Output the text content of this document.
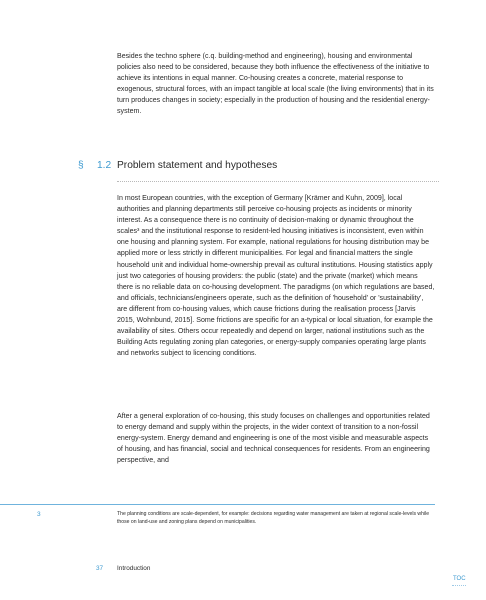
Besides the techno sphere (c.q. building-method and engineering), housing and environmental policies also need to be considered, because they both influence the effectiveness of the initiative to achieve its intentions in equal manner. Co-housing creates a concrete, material response to exogenous, structural forces, with an impact tangible at local scale (the living environments) that in its turn produces changes in society; especially in the production of housing and the residential energy-system.

§ 1.2 Problem statement and hypotheses

In most European countries, with the exception of Germany [Krämer and Kuhn, 2009], local authorities and planning departments still perceive co-housing projects as incidents or minority interest. As a consequence there is no continuity of decision-making or dynamic throughout the scales³ and the institutional response to resident-led housing initiatives is inconsistent, even within one housing and planning system. For example, national regulations for housing distribution may be applied more or less strictly in different municipalities. For legal and financial matters the single household unit and individual home-ownership prevail as cultural institutions. Housing statistics apply just two categories of housing providers: the public (state) and the private (market) which means there is no reliable data on co-housing development. The paradigms (on which regulations are based, and officials, technicians/engineers operate, such as the definition of 'household' or 'sustainability', are different from co-housing values, which cause frictions during the realisation process [Jarvis 2015, Wohnbund, 2015]. Some frictions are specific for an a-typical or local situation, for example the availability of sites. Others occur repeatedly and depend on larger, national institutions such as the Building Acts regulating zoning plan categories, or energy-supply companies operating large plants and networks subject to licencing conditions.

After a general exploration of co-housing, this study focuses on challenges and opportunities related to energy demand and supply within the projects, in the wider context of transition to a non-fossil energy-system. Energy demand and engineering is one of the most visible and measurable aspects of housing, and has financial, social and technical consequences for residents. From an engineering perspective, and

3	The planning conditions are scale-dependent, for example: decisions regarding water management are taken at regional scale-levels while those on land-use and zoning plans depend on municipalities.

37 Introduction
TOC
